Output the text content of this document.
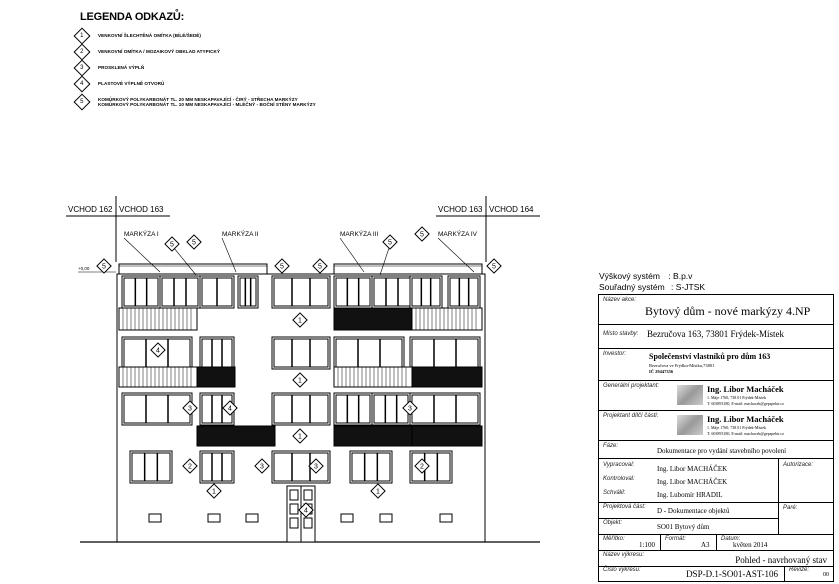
LEGENDA ODKAZŮ:
1	VENKOVNÍ ŠLECHTĚNÁ OMÍTKA (BÍLÉ/ŠEDÉ)
2	VENKOVNÍ OMÍTKA / MOZAIKOVÝ OBKLAD ATYPICKÝ
3	PROSKLENÁ VÝPLŇ
4	PLASTOVÉ VÝPLNĚ OTVORŮ
5	KOMŮRKOVÝ POLYKARBONÁT TL. 20 MM NESKAPAVAJÍCÍ - ČIRÝ - STŘECHA MARKÝZY
KOMŮRKOVÝ POLYKARBONÁT TL. 10 MM NESKAPAVAJÍCÍ - MLÉČNÝ - BOČNÍ STĚNY MARKÝZY
VCHOD 162 VCHOD 163	VCHOD 163 VCHOD 164
MARKÝZA I	MARKÝZA II	MARKÝZA III	MARKÝZA IV
+0,00 5
5	5
5	5
5
5
5
1
4
1
4
3	3
1
2	3	3	2
1	1
4
Výškový systém : B.p.v
Souřadný systém : S-JTSK
Název akce:
Bytový dům - nové markýzy 4.NP
Místo stavby: Bezručova 163, 73801 Frýdek-Místek
Investor:	Společenství vlastníků pro dům 163
Bezručova ve Frýdku-Místku,73801
IČ 29447356
Generální projektant:	Ing. Libor Macháček
1. Máje 1760, 738 01 Frýdek-Místek
T: 603893180, E-mail: machacek@gepspektr.cz
Projektant dílčí části:	Ing. Libor Macháček
1. Máje 1760, 738 01 Frýdek-Místek
T: 603893180, E-mail: machacek@gepspektr.cz
Fáze:
Dokumentace pro vydání stavebního povolení
Vypracoval:	Ing. Libor MACHÁČEK
Kontroloval:	Ing. Libor MACHÁČEK
Schválil:	Ing. Lubomír HRADIL
Autorizace:
Projektová část: D - Dokumentace objektů
Objekt:	SO01 Bytový dům
Paré:
Měřítko:
1:100
Formát:
A3
Datum:
květen 2014
Název výkresu:	Pohled - navrhovaný stav
Číslo výkresu:	DSP-D.1-SO01-AST-106 Revize:
00
